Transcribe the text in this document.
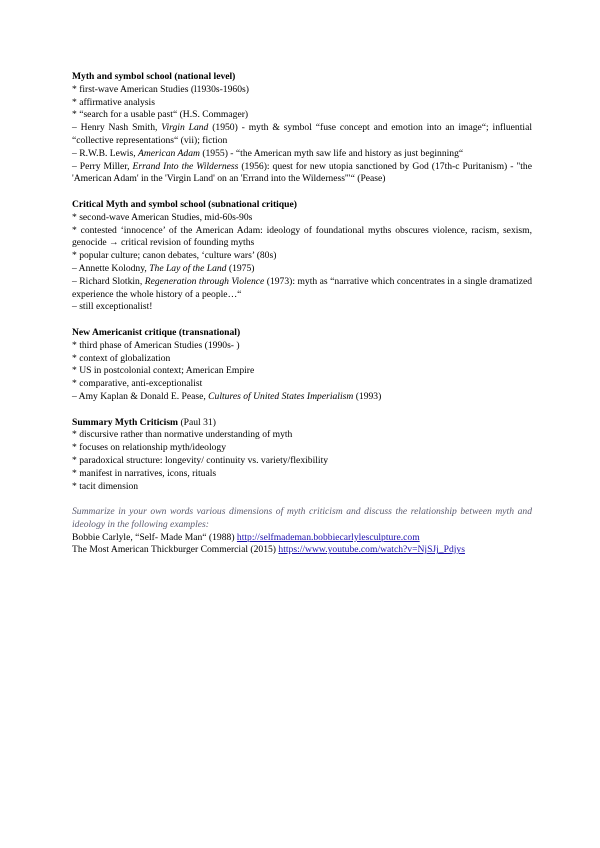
Myth and symbol school (national level)
* first-wave American Studies (l1930s-1960s)
* affirmative analysis
* “search for a usable past“ (H.S. Commager)
– Henry Nash Smith, Virgin Land (1950) - myth & symbol “fuse concept and emotion into an image“; influential “collective representations“ (vii); fiction
– R.W.B. Lewis, American Adam (1955) - “the American myth saw life and history as just beginning“
– Perry Miller, Errand Into the Wilderness (1956): quest for new utopia sanctioned by God (17th-c Puritanism) - "the 'American Adam' in the 'Virgin Land' on an 'Errand into the Wilderness'"“ (Pease)
Critical Myth and symbol school (subnational critique)
* second-wave American Studies, mid-60s-90s
* contested ‘innocence’ of the American Adam: ideology of foundational myths obscures violence, racism, sexism, genocide → critical revision of founding myths
* popular culture; canon debates, ‘culture wars’ (80s)
– Annette Kolodny, The Lay of the Land (1975)
– Richard Slotkin, Regeneration through Violence (1973): myth as “narrative which concentrates in a single dramatized experience the whole history of a people…“
– still exceptionalist!
New Americanist critique (transnational)
* third phase of American Studies (1990s- )
* context of globalization
* US in postcolonial context; American Empire
* comparative, anti-exceptionalist
– Amy Kaplan & Donald E. Pease, Cultures of United States Imperialism (1993)
Summary Myth Criticism (Paul 31)
* discursive rather than normative understanding of myth
* focuses on relationship myth/ideology
* paradoxical structure: longevity/ continuity vs. variety/flexibility
* manifest in narratives, icons, rituals
* tacit dimension
Summarize in your own words various dimensions of myth criticism and discuss the relationship between myth and ideology in the following examples:
Bobbie Carlyle, “Self- Made Man“ (1988) http://selfmademan.bobbiecarlylesculpture.com
The Most American Thickburger Commercial (2015) https://www.youtube.com/watch?v=NjSJj_Pdjys
